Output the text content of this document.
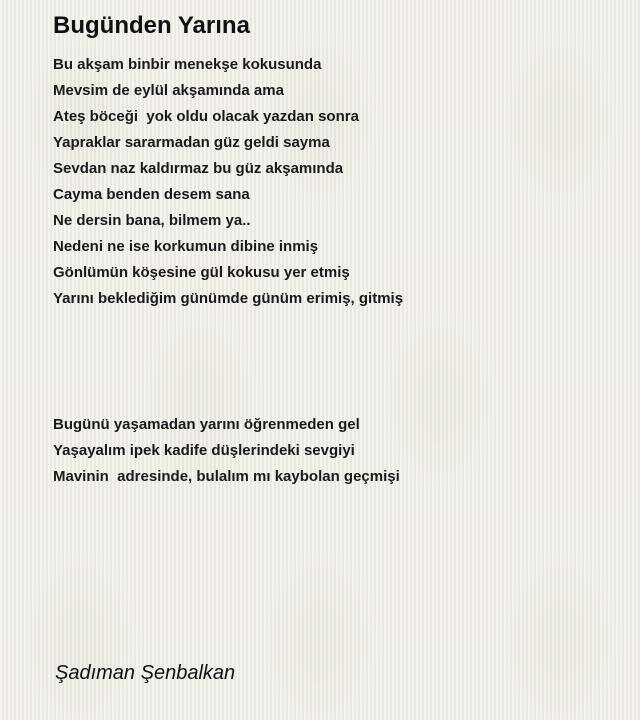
Bugünden Yarına
Bu akşam binbir menekşe kokusunda
Mevsim de eylül akşamında ama
Ateş böceği  yok oldu olacak yazdan sonra
Yapraklar sararmadan güz geldi sayma
Sevdan naz kaldırmaz bu güz akşamında
Cayma benden desem sana
Ne dersin bana, bilmem ya..
Nedeni ne ise korkumun dibine inmiş
Gönlümün köşesine gül kokusu yer etmiş
Yarını beklediğim günümde günüm erimiş, gitmiş
Bugünü yaşamadan yarını öğrenmeden gel
Yaşayalım ipek kadife düşlerindeki sevgiyi
Mavinin  adresinde, bulalım mı kaybolan geçmişi

Şadıman Şenbalkan
